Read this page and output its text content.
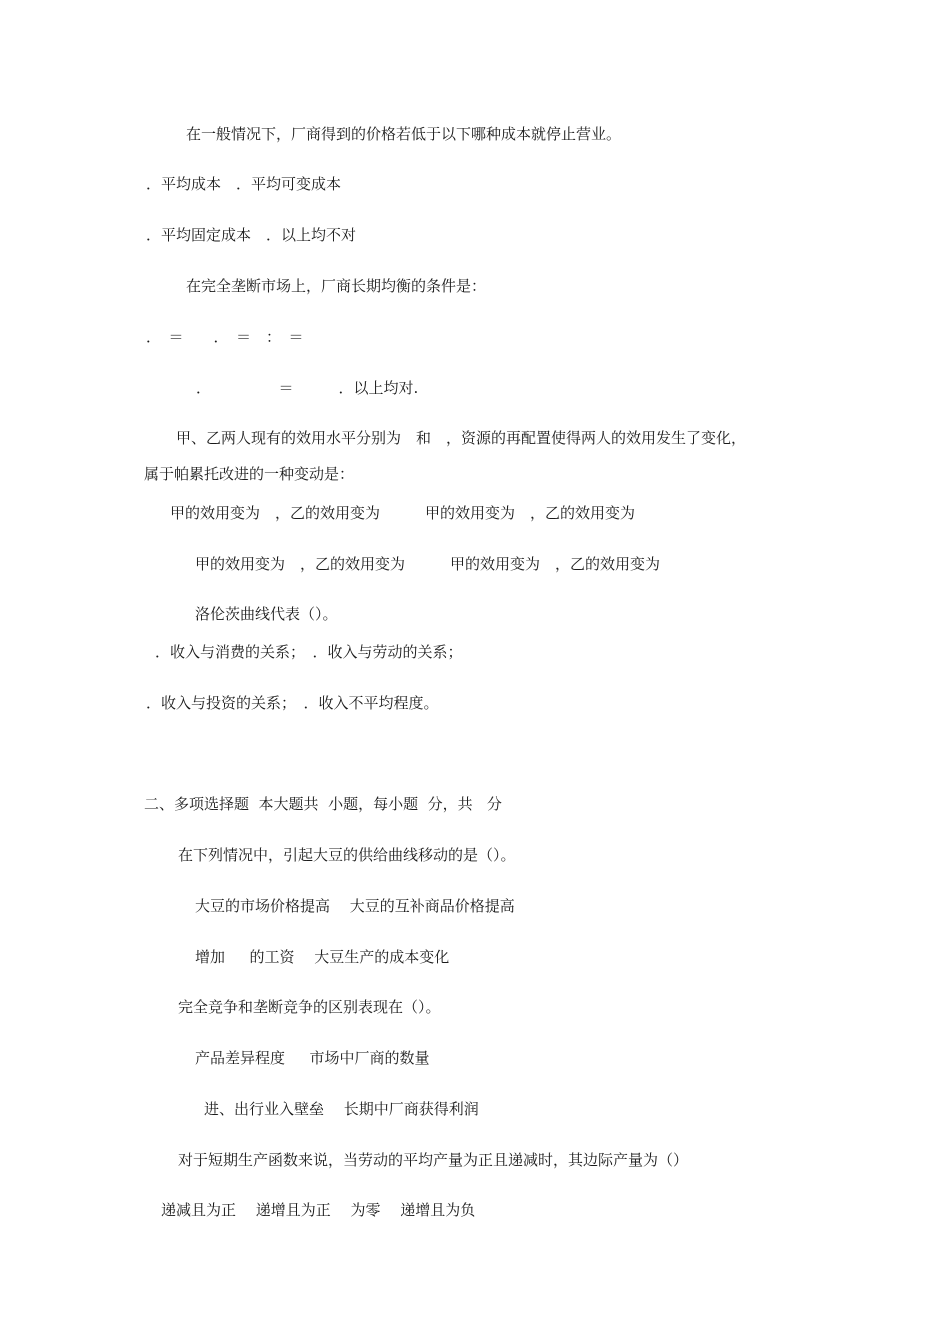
在一般情况下，厂商得到的价格若低于以下哪种成本就停止营业。
．平均成本　．平均可变成本
．平均固定成本　．以上均不对
在完全垄断市场上，厂商长期均衡的条件是：
．　＝　　．　＝　：　＝
．　　　　　＝　　　．以上均对.
甲、乙两人现有的效用水平分别为　和　，资源的再配置使得两人的效用发生了变化，
属于帕累托改进的一种变动是：
甲的效用变为　，乙的效用变为　　　甲的效用变为　，乙的效用变为
甲的效用变为　，乙的效用变为　　　甲的效用变为　，乙的效用变为
洛伦茨曲线代表（）。
．收入与消费的关系；　．收入与劳动的关系；
．收入与投资的关系；　．收入不平均程度。
二、多项选择题  本大题共  小题，每小题  分，共   分
在下列情况中，引起大豆的供给曲线移动的是（）。
大豆的市场价格提高　 大豆的互补商品价格提高
增加　  的工资　 大豆生产的成本变化
完全竞争和垄断竞争的区别表现在（）。
产品差异程度　  市场中厂商的数量
进、出行业入壁垒　 长期中厂商获得利润
对于短期生产函数来说，当劳动的平均产量为正且递减时，其边际产量为（）
递减且为正　 递增且为正　 为零　 递增且为负
